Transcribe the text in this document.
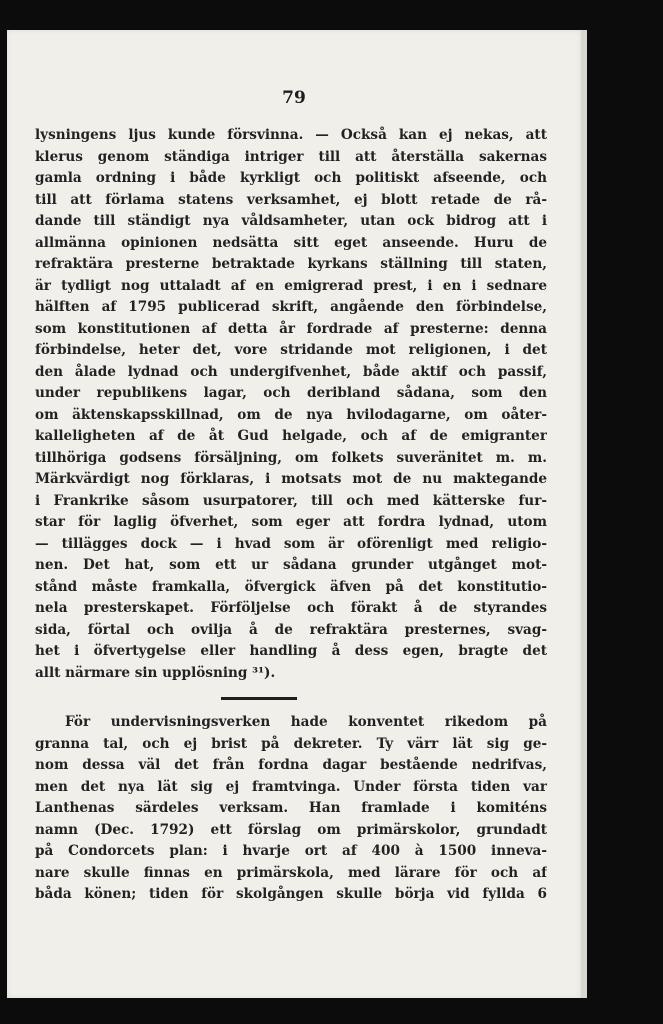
79
lysningens ljus kunde försvinna. — Också kan ej nekas, att
klerus genom ständiga intriger till att återställa sakernas
gamla ordning i både kyrkligt och politiskt afseende, och
till att förlama statens verksamhet, ej blott retade de rå-
dande till ständigt nya våldsamheter, utan ock bidrog att i
allmänna opinionen nedsätta sitt eget anseende. Huru de
refraktära presterne betraktade kyrkans ställning till staten,
är tydligt nog uttaladt af en emigrerad prest, i en i sednare
hälften af 1795 publicerad skrift, angående den förbindelse,
som konstitutionen af detta år fordrade af presterne: denna
förbindelse, heter det, vore stridande mot religionen, i det
den ålade lydnad och undergifvenhet, både aktif och passif,
under republikens lagar, och deribland sådana, som den
om äktenskapsskillnad, om de nya hvilodagarne, om oåter-
kalleligheten af de åt Gud helgade, och af de emigranter
tillhöriga godsens försäljning, om folkets suveränitet m. m.
Märkvärdigt nog förklaras, i motsats mot de nu maktegande
i Frankrike såsom usurpatorer, till och med kätterske fur-
star för laglig öfverhet, som eger att fordra lydnad, utom
— tillägges dock — i hvad som är oförenligt med religio-
nen. Det hat, som ett ur sådana grunder utgånget mot-
stånd måste framkalla, öfvergick äfven på det konstitutio-
nela presterskapet. Förföljelse och förakt å de styrandes
sida, förtal och ovilja å de refraktära presternes, svag-
het i öfvertygelse eller handling å dess egen, bragte det
allt närmare sin upplösning ³¹).
För undervisningsverken hade konventet rikedom på
granna tal, och ej brist på dekreter. Ty värr lät sig ge-
nom dessa väl det från fordna dagar bestående nedrifvas,
men det nya lät sig ej framtvinga. Under första tiden var
Lanthenas särdeles verksam. Han framlade i komiténs
namn (Dec. 1792) ett förslag om primärskolor, grundadt
på Condorcets plan: i hvarje ort af 400 à 1500 inneva-
nare skulle finnas en primärskola, med lärare för och af
båda könen; tiden för skolgången skulle börja vid fyllda 6
